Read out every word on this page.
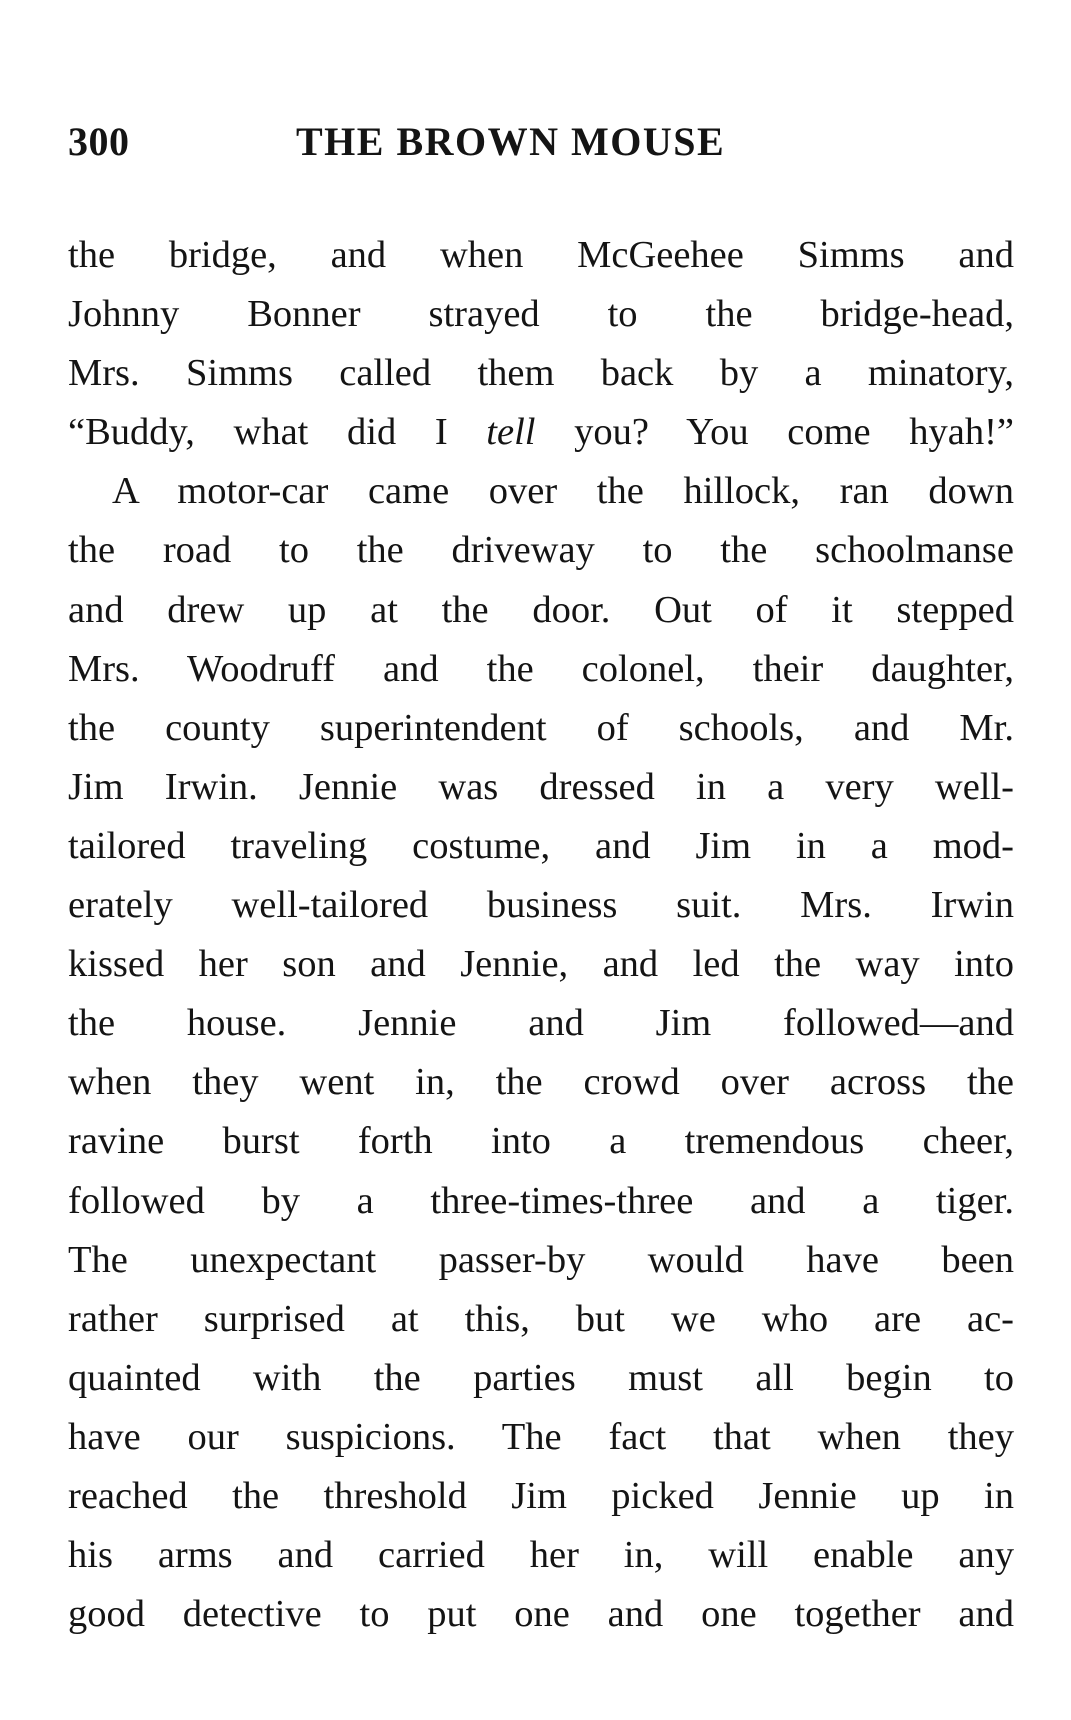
300	THE BROWN MOUSE
the bridge, and when McGeehee Simms and
Johnny Bonner strayed to the bridge-head,
Mrs. Simms called them back by a minatory,
“Buddy, what did I tell you? You come hyah!”
A motor-car came over the hillock, ran down
the road to the driveway to the schoolmanse
and drew up at the door. Out of it stepped
Mrs. Woodruff and the colonel, their daughter,
the county superintendent of schools, and Mr.
Jim Irwin. Jennie was dressed in a very well-
tailored traveling costume, and Jim in a mod-
erately well-tailored business suit. Mrs. Irwin
kissed her son and Jennie, and led the way into
the house. Jennie and Jim followed—and
when they went in, the crowd over across the
ravine burst forth into a tremendous cheer,
followed by a three-times-three and a tiger.
The unexpectant passer-by would have been
rather surprised at this, but we who are ac-
quainted with the parties must all begin to
have our suspicions. The fact that when they
reached the threshold Jim picked Jennie up in
his arms and carried her in, will enable any
good detective to put one and one together and
